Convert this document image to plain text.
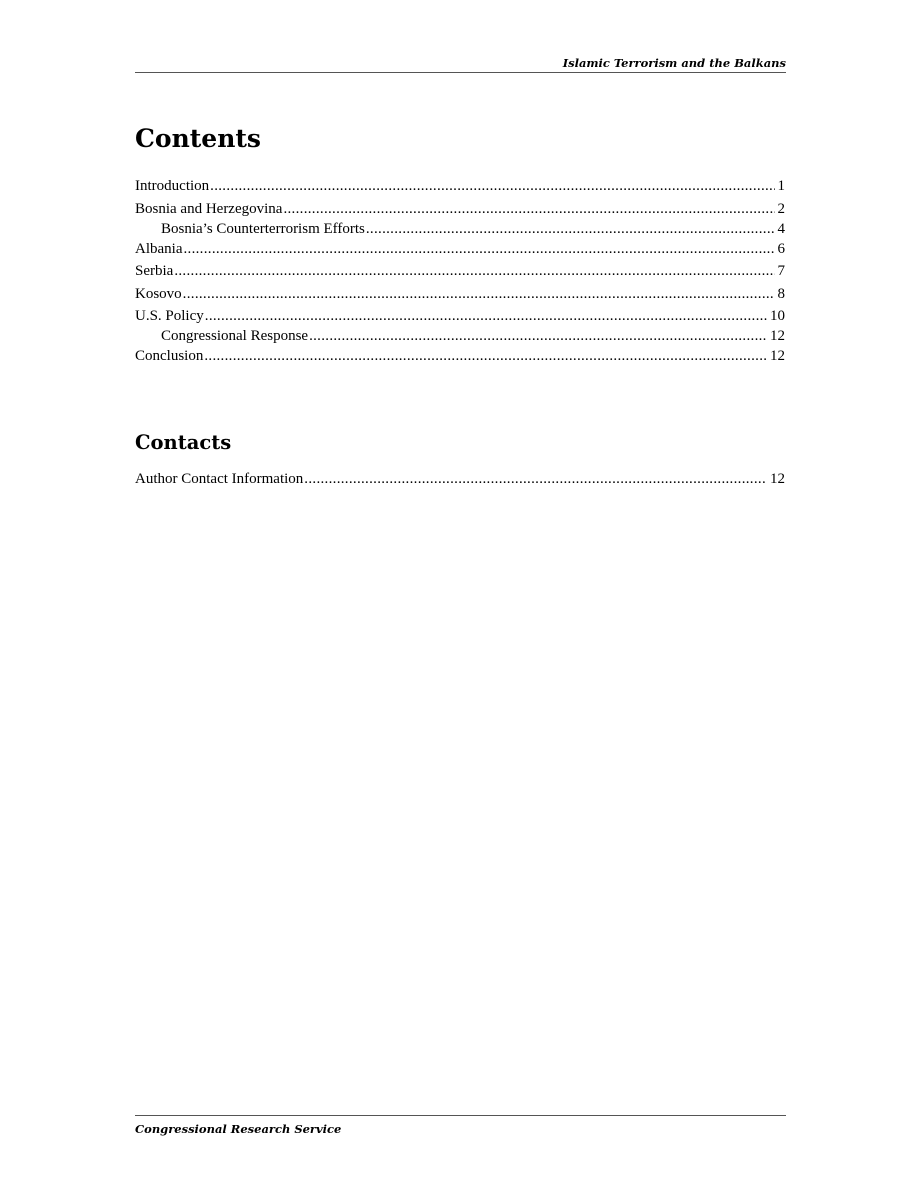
Islamic Terrorism and the Balkans
Contents
Introduction .....	1
Bosnia and Herzegovina .....	2
Bosnia’s Counterterrorism Efforts .....	4
Albania .....	6
Serbia .....	7
Kosovo .....	8
U.S. Policy .....	10
Congressional Response .....	12
Conclusion .....	12
Contacts
Author Contact Information .....	12
Congressional Research Service
